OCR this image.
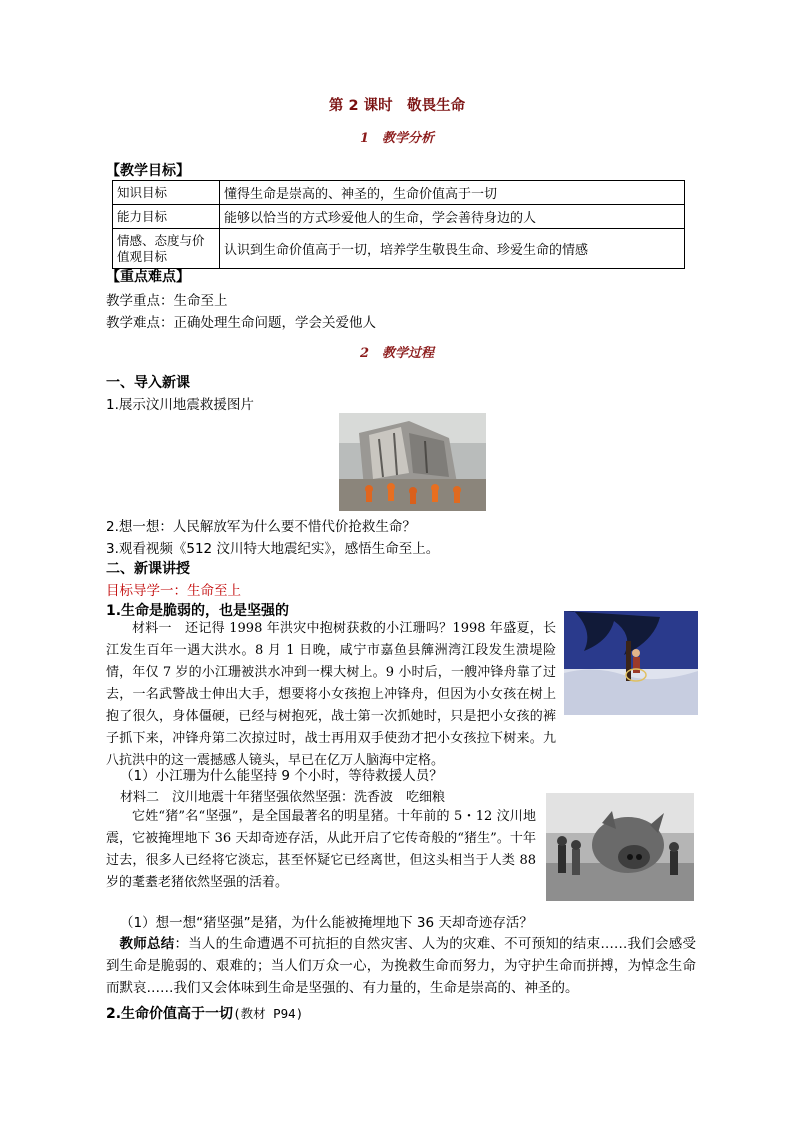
第 2 课时　敬畏生命
1　教学分析
【教学目标】
知识目标	懂得生命是崇高的、神圣的，生命价值高于一切
能力目标	能够以恰当的方式珍爱他人的生命，学会善待身边的人
情感、态度与价值观目标	认识到生命价值高于一切，培养学生敬畏生命、珍爱生命的情感
【重点难点】
教学重点：生命至上
教学难点：正确处理生命问题，学会关爱他人
2　教学过程
一、导入新课
1.展示汶川地震救援图片
2.想一想：人民解放军为什么要不惜代价抢救生命？
3.观看视频《512 汶川特大地震纪实》，感悟生命至上。
二、新课讲授
目标导学一：生命至上
1.生命是脆弱的，也是坚强的
材料一　还记得 1998 年洪灾中抱树获救的小江珊吗？1998 年盛夏，长江发生百年一遇大洪水。8 月 1 日晚，咸宁市嘉鱼县簰洲湾江段发生溃堤险情，年仅 7 岁的小江珊被洪水冲到一棵大树上。9 小时后，一艘冲锋舟靠了过去，一名武警战士伸出大手，想要将小女孩抱上冲锋舟，但因为小女孩在树上抱了很久，身体僵硬，已经与树抱死，战士第一次抓她时，只是把小女孩的裤子抓下来，冲锋舟第二次掠过时，战士再用双手使劲才把小女孩拉下树来。九八抗洪中的这一震撼感人镜头，早已在亿万人脑海中定格。
（1）小江珊为什么能坚持 9 个小时，等待救援人员？
材料二　汶川地震十年猪坚强依然坚强：洗香波　吃细粮
它姓“猪”名“坚强”，是全国最著名的明星猪。十年前的 5・12 汶川地震，它被掩埋地下 36 天却奇迹存活，从此开启了它传奇般的“猪生”。十年过去，很多人已经将它淡忘，甚至怀疑它已经离世，但这头相当于人类 88 岁的耄耋老猪依然坚强的活着。
（1）想一想“猪坚强”是猪，为什么能被掩埋地下 36 天却奇迹存活？
教师总结：当人的生命遭遇不可抗拒的自然灾害、人为的灾难、不可预知的结束……我们会感受到生命是脆弱的、艰难的；当人们万众一心，为挽救生命而努力，为守护生命而拼搏，为悼念生命而默哀……我们又会体味到生命是坚强的、有力量的，生命是崇高的、神圣的。
2.生命价值高于一切(教材 P94)
